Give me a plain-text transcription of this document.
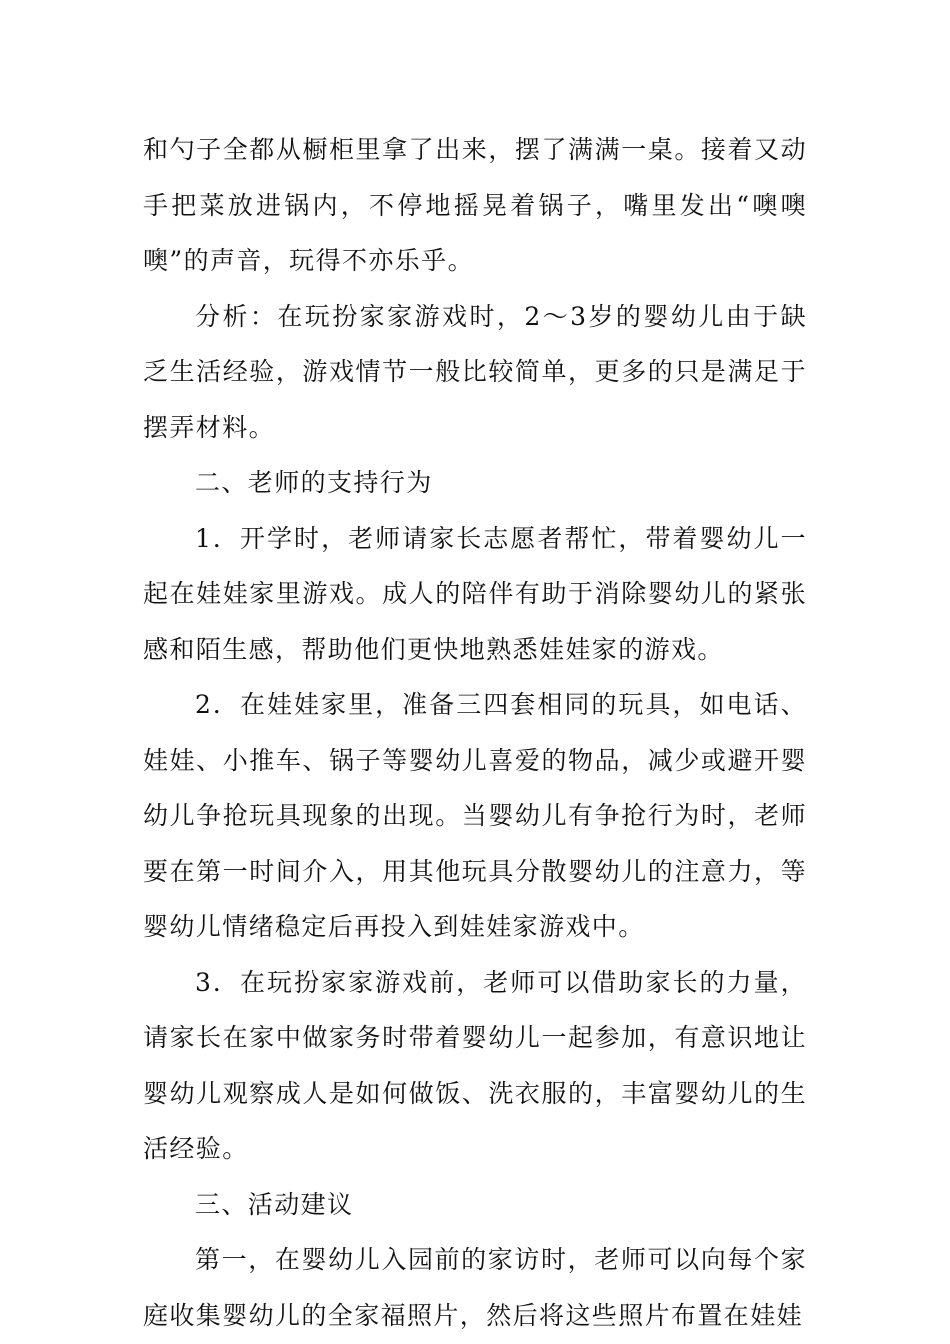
和勺子全都从橱柜里拿了出来，摆了满满一桌。接着又动手把菜放进锅内，不停地摇晃着锅子，嘴里发出“噢噢噢”的声音，玩得不亦乐乎。

分析：在玩扮家家游戏时，2～3岁的婴幼儿由于缺乏生活经验，游戏情节一般比较简单，更多的只是满足于摆弄材料。

二、老师的支持行为

1．开学时，老师请家长志愿者帮忙，带着婴幼儿一起在娃娃家里游戏。成人的陪伴有助于消除婴幼儿的紧张感和陌生感，帮助他们更快地熟悉娃娃家的游戏。

2．在娃娃家里，准备三四套相同的玩具，如电话、娃娃、小推车、锅子等婴幼儿喜爱的物品，减少或避开婴幼儿争抢玩具现象的出现。当婴幼儿有争抢行为时，老师要在第一时间介入，用其他玩具分散婴幼儿的注意力，等婴幼儿情绪稳定后再投入到娃娃家游戏中。

3．在玩扮家家游戏前，老师可以借助家长的力量，请家长在家中做家务时带着婴幼儿一起参加，有意识地让婴幼儿观察成人是如何做饭、洗衣服的，丰富婴幼儿的生活经验。

三、活动建议

第一，在婴幼儿入园前的家访时，老师可以向每个家庭收集婴幼儿的全家福照片，然后将这些照片布置在娃娃
